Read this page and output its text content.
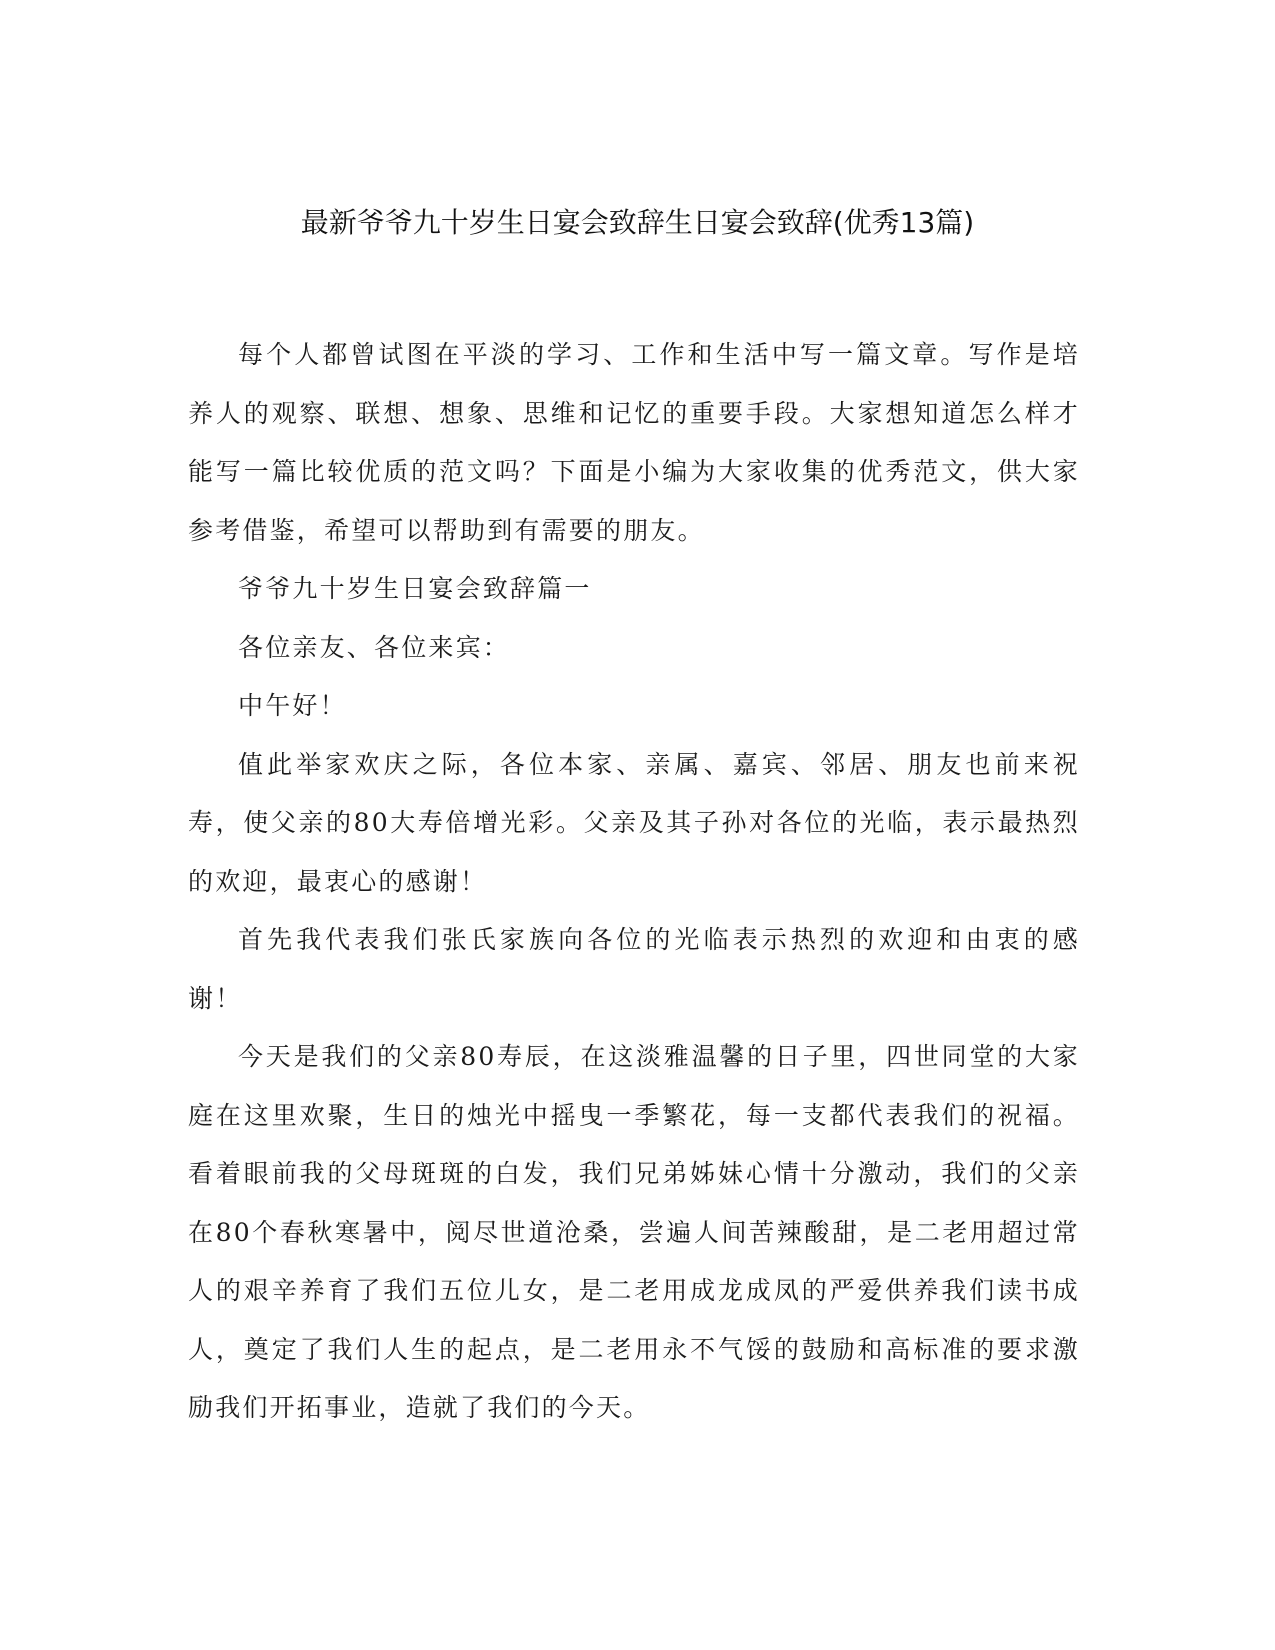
最新爷爷九十岁生日宴会致辞生日宴会致辞(优秀13篇)

每个人都曾试图在平淡的学习、工作和生活中写一篇文章。写作是培养人的观察、联想、想象、思维和记忆的重要手段。大家想知道怎么样才能写一篇比较优质的范文吗？下面是小编为大家收集的优秀范文，供大家参考借鉴，希望可以帮助到有需要的朋友。

爷爷九十岁生日宴会致辞篇一

各位亲友、各位来宾：

中午好！

值此举家欢庆之际，各位本家、亲属、嘉宾、邻居、朋友也前来祝寿，使父亲的80大寿倍增光彩。父亲及其子孙对各位的光临，表示最热烈的欢迎，最衷心的感谢！

首先我代表我们张氏家族向各位的光临表示热烈的欢迎和由衷的感谢！

今天是我们的父亲80寿辰，在这淡雅温馨的日子里，四世同堂的大家庭在这里欢聚，生日的烛光中摇曳一季繁花，每一支都代表我们的祝福。看着眼前我的父母斑斑的白发，我们兄弟姊妹心情十分激动，我们的父亲在80个春秋寒暑中，阅尽世道沧桑，尝遍人间苦辣酸甜，是二老用超过常人的艰辛养育了我们五位儿女，是二老用成龙成凤的严爱供养我们读书成人，奠定了我们人生的起点，是二老用永不气馁的鼓励和高标准的要求激励我们开拓事业，造就了我们的今天。
